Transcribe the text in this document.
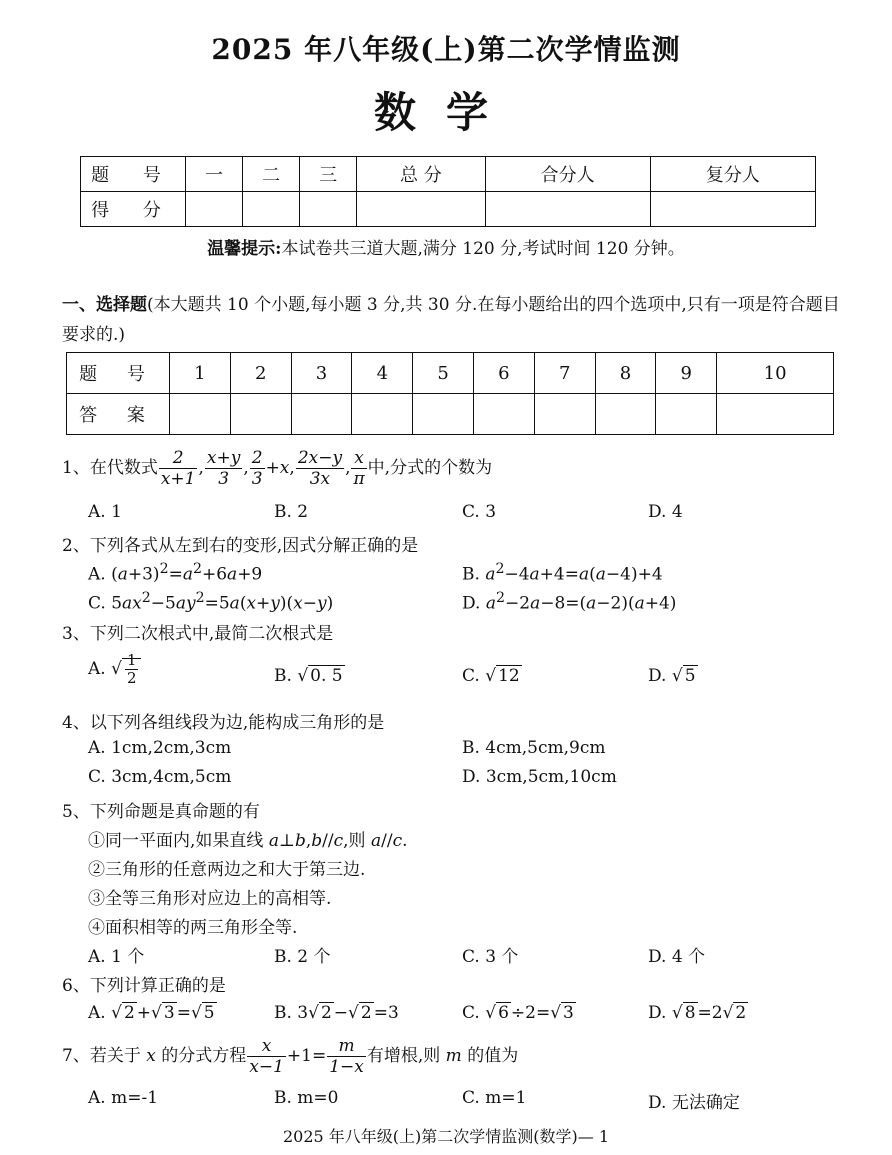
2025 年八年级(上)第二次学情监测
数学
题 号	一	二	三	总 分	合分人	复分人
得 分						
温馨提示:本试卷共三道大题,满分 120 分,考试时间 120 分钟。
一、选择题(本大题共 10 个小题,每小题 3 分,共 30 分.在每小题给出的四个选项中,只有一项是符合题目要求的.)
题 号	1	2	3	4	5	6	7	8	9	10
答 案										
1、在代数式 $\frac{2}{x+1}$ , $\frac{x+y}{3}$ , $\frac{2}{3} +x$, $\frac{2x-y}{3x}$ , $\frac{x}{\pi}$ 中,分式的个数为
A. 1	B. 2	C. 3	D. 4
2、下列各式从左到右的变形,因式分解正确的是
A. $(a+3)^2=a^2+6a+9$	B. $a^2-4a+4=a(a-4)+4$
C. $5ax^2-5ay^2=5a(x+y)(x-y)$	D. $a^2-2a-8=(a-2)(a+4)$
3、下列二次根式中,最简二次根式是
A. √ $\frac{1}{2}$	B. √ 0. 5	C. √ 12	D. √ 5
4、以下列各组线段为边,能构成三角形的是
A. 1cm,2cm,3cm	B. 4cm,5cm,9cm
C. 3cm,4cm,5cm	D. 3cm,5cm,10cm
5、下列命题是真命题的有
①同一平面内,如果直线 a⊥b,b//c,则 a//c.
②三角形的任意两边之和大于第三边.
③全等三角形对应边上的高相等.
④面积相等的两三角形全等.
A. 1 个	B. 2 个	C. 3 个	D. 4 个
6、下列计算正确的是
A. √ 2 +√ 3 =√ 5	B. 3√ 2 −√ 2 =3	C. √ 6 ÷2=√ 3	D. √ 8 =2√ 2
7、若关于 x 的分式方程 $\frac{x}{x-1} +1= \frac{m}{1-x}$ 有增根,则 m 的值为
A. m=-1	B. m=0	C. m=1	D. 无法确定
2025 年八年级(上)第二次学情监测(数学)— 1
